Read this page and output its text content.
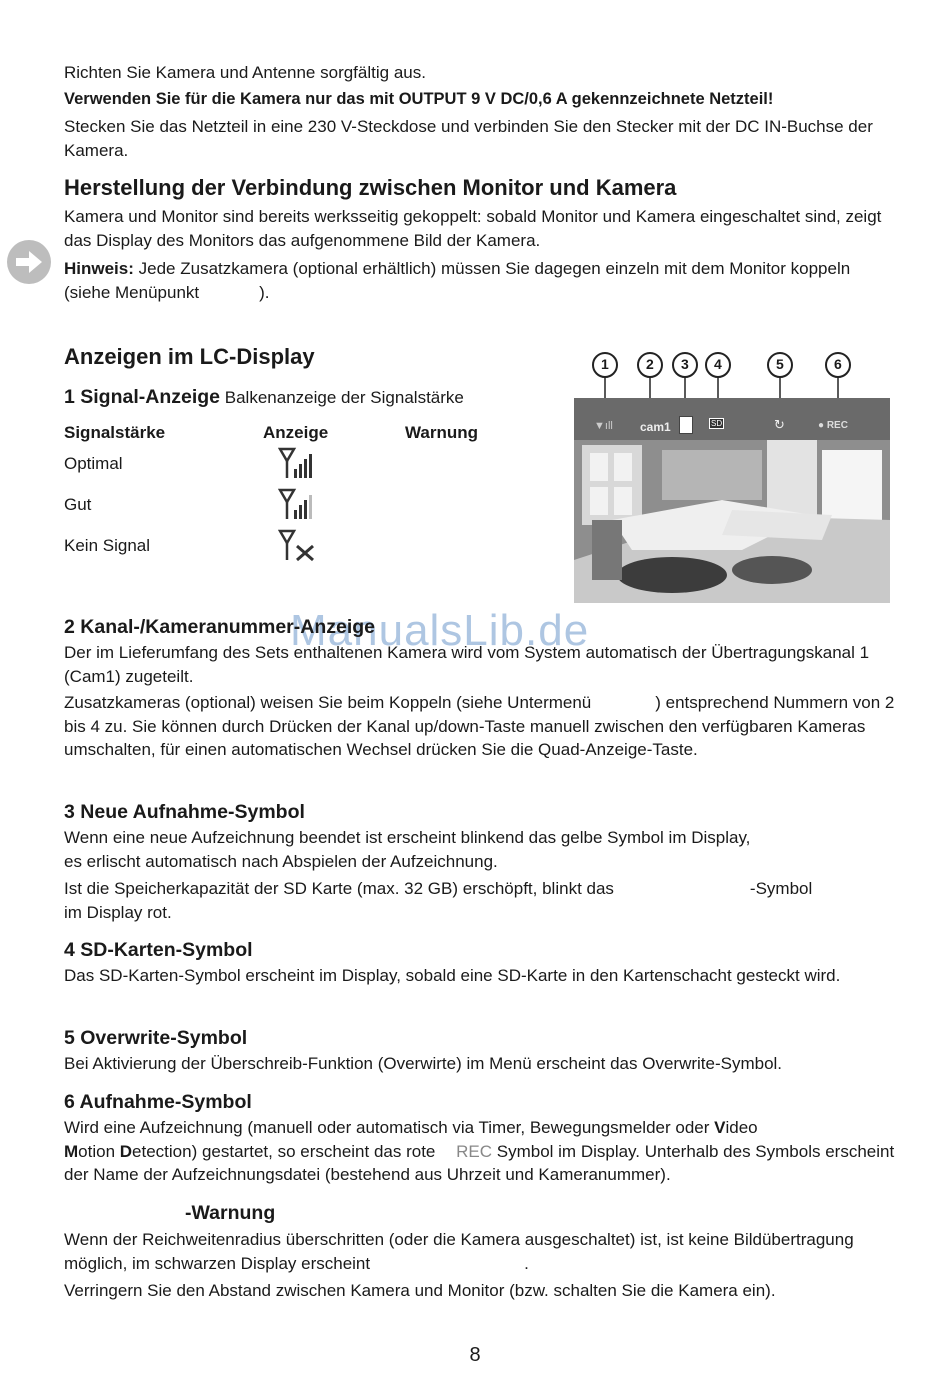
Richten Sie Kamera und Antenne sorgfältig aus.

Verwenden Sie für die Kamera nur das mit OUTPUT 9 V DC/0,6 A gekennzeichnete Netzteil!

Stecken Sie das Netzteil in eine 230 V-Steckdose und verbinden Sie den Stecker mit der DC IN-Buchse der Kamera.

Herstellung der Verbindung zwischen Monitor und Kamera

Kamera und Monitor sind bereits werksseitig gekoppelt: sobald Monitor und Kamera eingeschaltet sind, zeigt das Display des Monitors das aufgenommene Bild der Kamera.

Hinweis: Jede Zusatzkamera (optional erhältlich) müssen Sie dagegen einzeln mit dem Monitor koppeln (siehe Menüpunkt	).

Anzeigen im LC-Display
1 Signal-Anzeige Balkenanzeige der Signalstärke
Signalstärke	Anzeige	Warnung
Optimal
Gut
Kein Signal
1	2 3 4	5	6
▼ıll cam1	SD	↻	● REC
ManualsLib.de
2 Kanal-/Kameranummer-Anzeige

Der im Lieferumfang des Sets enthaltenen Kamera wird vom System automatisch der Übertragungskanal 1 (Cam1) zugeteilt.

Zusatzkameras (optional) weisen Sie beim Koppeln (siehe Untermenü	) entsprechend Nummern von 2 bis 4 zu. Sie können durch Drücken der Kanal up/down-Taste manuell zwischen den verfügbaren Kameras umschalten, für einen automatischen Wechsel drücken Sie die Quad-Anzeige-Taste.

3 Neue Aufnahme-Symbol

Wenn eine neue Aufzeichnung beendet ist erscheint blinkend das gelbe Symbol im Display, es erlischt automatisch nach Abspielen der Aufzeichnung.

Ist die Speicherkapazität der SD Karte (max. 32 GB) erschöpft, blinkt das	-Symbol
im Display rot.

4 SD-Karten-Symbol

Das SD-Karten-Symbol erscheint im Display, sobald eine SD-Karte in den Kartenschacht gesteckt wird.

5 Overwrite-Symbol

Bei Aktivierung der Überschreib-Funktion (Overwirte) im Menü erscheint das Overwrite-Symbol.

6 Aufnahme-Symbol

Wird eine Aufzeichnung (manuell oder automatisch via Timer, Bewegungsmelder oder Video
Motion Detection) gestartet, so erscheint das rote REC Symbol im Display. Unterhalb des Symbols erscheint der Name der Aufzeichnungsdatei (bestehend aus Uhrzeit und Kameranummer).

-Warnung

Wenn der Reichweitenradius überschritten (oder die Kamera ausgeschaltet) ist, ist keine Bildübertragung möglich, im schwarzen Display erscheint	.

Verringern Sie den Abstand zwischen Kamera und Monitor (bzw. schalten Sie die Kamera ein).

8
